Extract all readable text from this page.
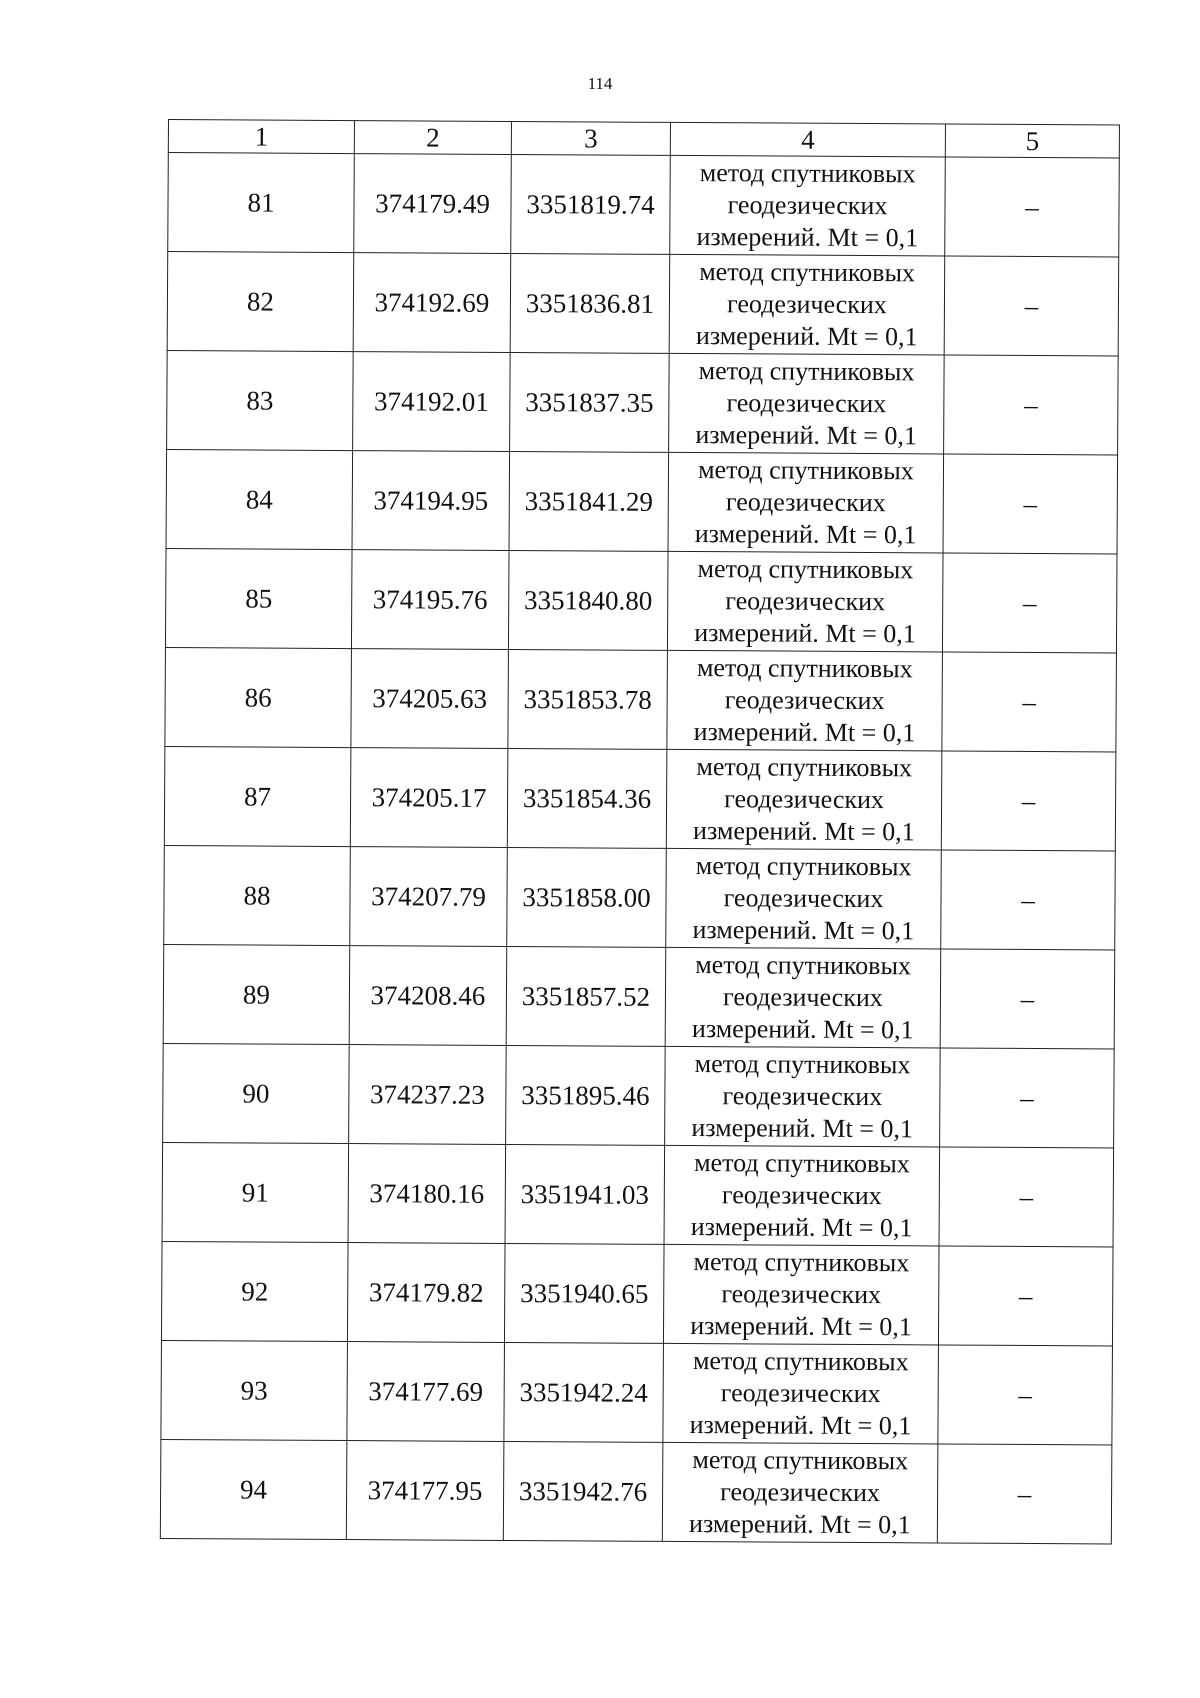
114
1	2	3	4	5
81	374179.49	3351819.74	метод спутниковых
геодезических
измерений. Mt = 0,1	–
82	374192.69	3351836.81	метод спутниковых
геодезических
измерений. Mt = 0,1	–
83	374192.01	3351837.35	метод спутниковых
геодезических
измерений. Mt = 0,1	–
84	374194.95	3351841.29	метод спутниковых
геодезических
измерений. Mt = 0,1	–
85	374195.76	3351840.80	метод спутниковых
геодезических
измерений. Mt = 0,1	–
86	374205.63	3351853.78	метод спутниковых
геодезических
измерений. Mt = 0,1	–
87	374205.17	3351854.36	метод спутниковых
геодезических
измерений. Mt = 0,1	–
88	374207.79	3351858.00	метод спутниковых
геодезических
измерений. Mt = 0,1	–
89	374208.46	3351857.52	метод спутниковых
геодезических
измерений. Mt = 0,1	–
90	374237.23	3351895.46	метод спутниковых
геодезических
измерений. Mt = 0,1	–
91	374180.16	3351941.03	метод спутниковых
геодезических
измерений. Mt = 0,1	–
92	374179.82	3351940.65	метод спутниковых
геодезических
измерений. Mt = 0,1	–
93	374177.69	3351942.24	метод спутниковых
геодезических
измерений. Mt = 0,1	–
94	374177.95	3351942.76	метод спутниковых
геодезических
измерений. Mt = 0,1	–
